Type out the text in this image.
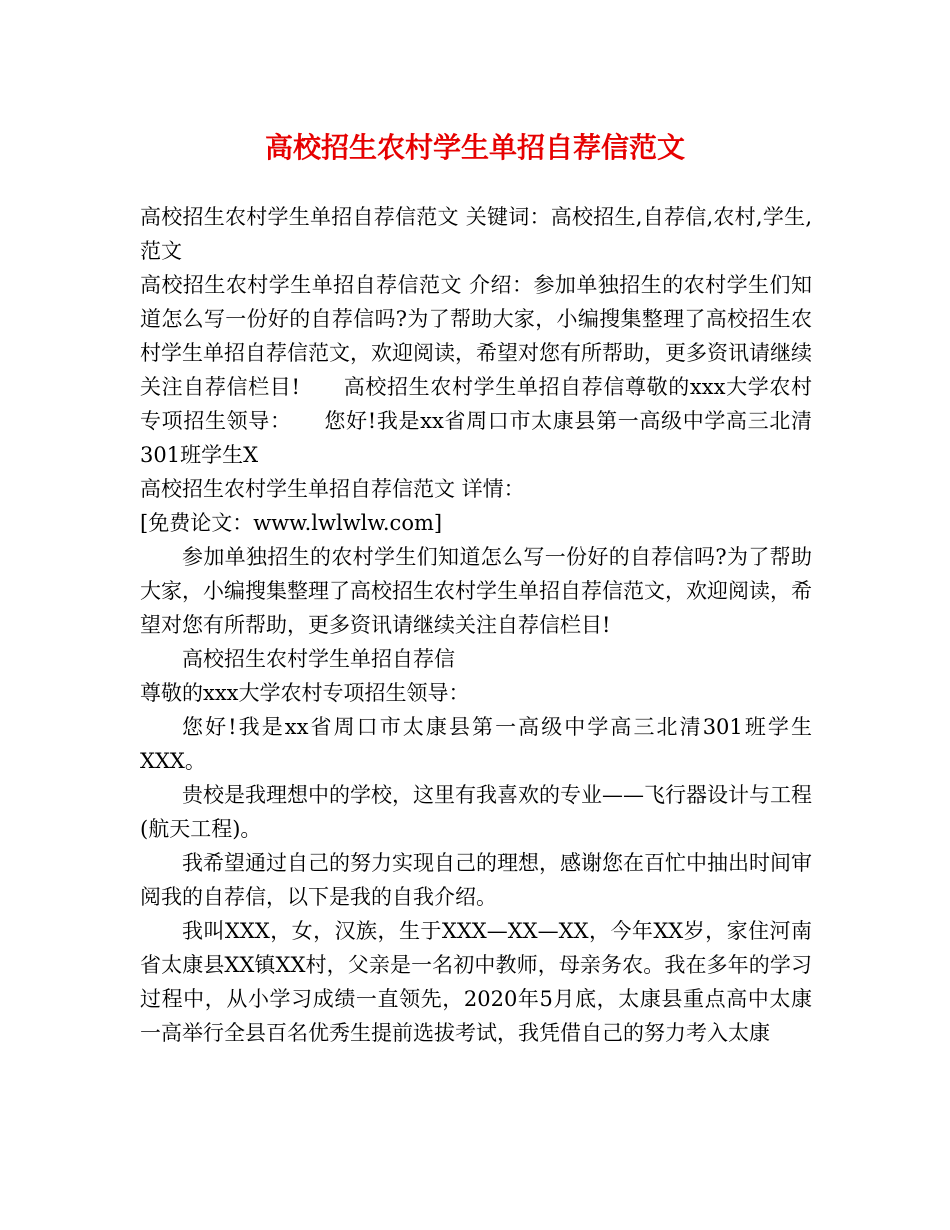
高校招生农村学生单招自荐信范文

高校招生农村学生单招自荐信范文 关键词：高校招生,自荐信,农村,学生,范文

高校招生农村学生单招自荐信范文 介绍：参加单独招生的农村学生们知道怎么写一份好的自荐信吗?为了帮助大家，小编搜集整理了高校招生农村学生单招自荐信范文，欢迎阅读，希望对您有所帮助，更多资讯请继续关注自荐信栏目!　　高校招生农村学生单招自荐信尊敬的xxx大学农村专项招生领导：　　您好!我是xx省周口市太康县第一高级中学高三北清301班学生X

高校招生农村学生单招自荐信范文 详情：

[免费论文：www.lwlwlw.com]

参加单独招生的农村学生们知道怎么写一份好的自荐信吗?为了帮助大家，小编搜集整理了高校招生农村学生单招自荐信范文，欢迎阅读，希望对您有所帮助，更多资讯请继续关注自荐信栏目!

高校招生农村学生单招自荐信

尊敬的xxx大学农村专项招生领导：

您好!我是xx省周口市太康县第一高级中学高三北清301班学生XXX。

贵校是我理想中的学校，这里有我喜欢的专业——飞行器设计与工程(航天工程)。

我希望通过自己的努力实现自己的理想，感谢您在百忙中抽出时间审阅我的自荐信，以下是我的自我介绍。

我叫XXX，女，汉族，生于XXX—XX—XX，今年XX岁，家住河南省太康县XX镇XX村，父亲是一名初中教师，母亲务农。我在多年的学习过程中，从小学习成绩一直领先，2020年5月底，太康县重点高中太康一高举行全县百名优秀生提前选拔考试，我凭借自己的努力考入太康
